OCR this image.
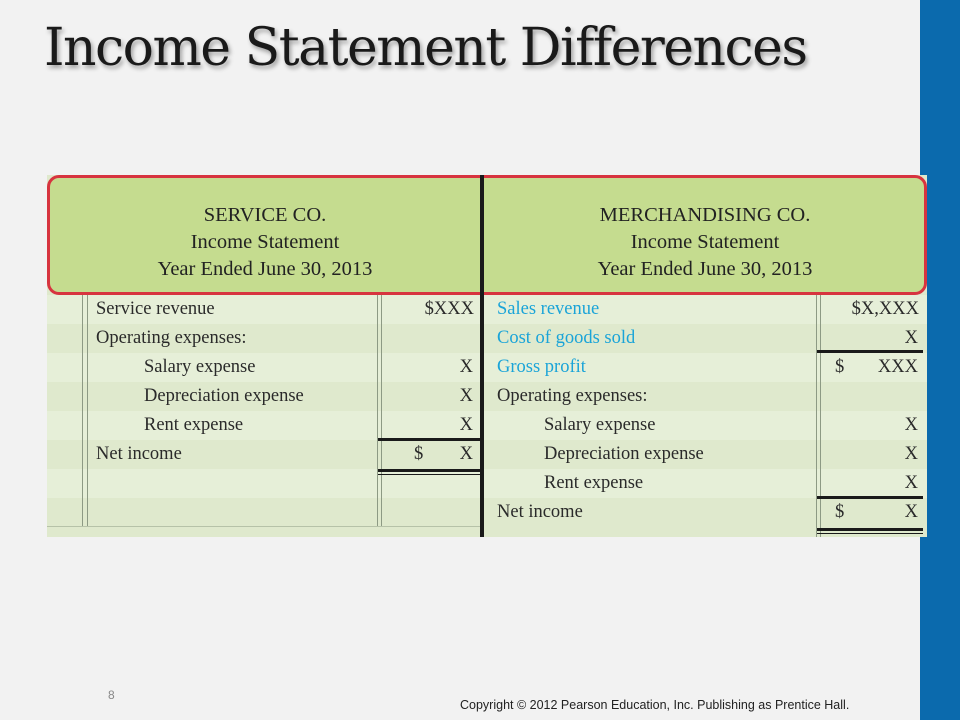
Income Statement Differences
SERVICE CO.
Income Statement
Year Ended June 30, 2013
MERCHANDISING CO.
Income Statement
Year Ended June 30, 2013
Service revenue	$XXX
Operating expenses:
Salary expense	X
Depreciation expense	X
Rent expense	X
Net income	$ X
Sales revenue	$X,XXX
Cost of goods sold	X
Gross profit	$ XXX
Operating expenses:
Salary expense	X
Depreciation expense	X
Rent expense	X
Net income	$	X
8
Copyright © 2012 Pearson Education, Inc. Publishing as Prentice Hall.
